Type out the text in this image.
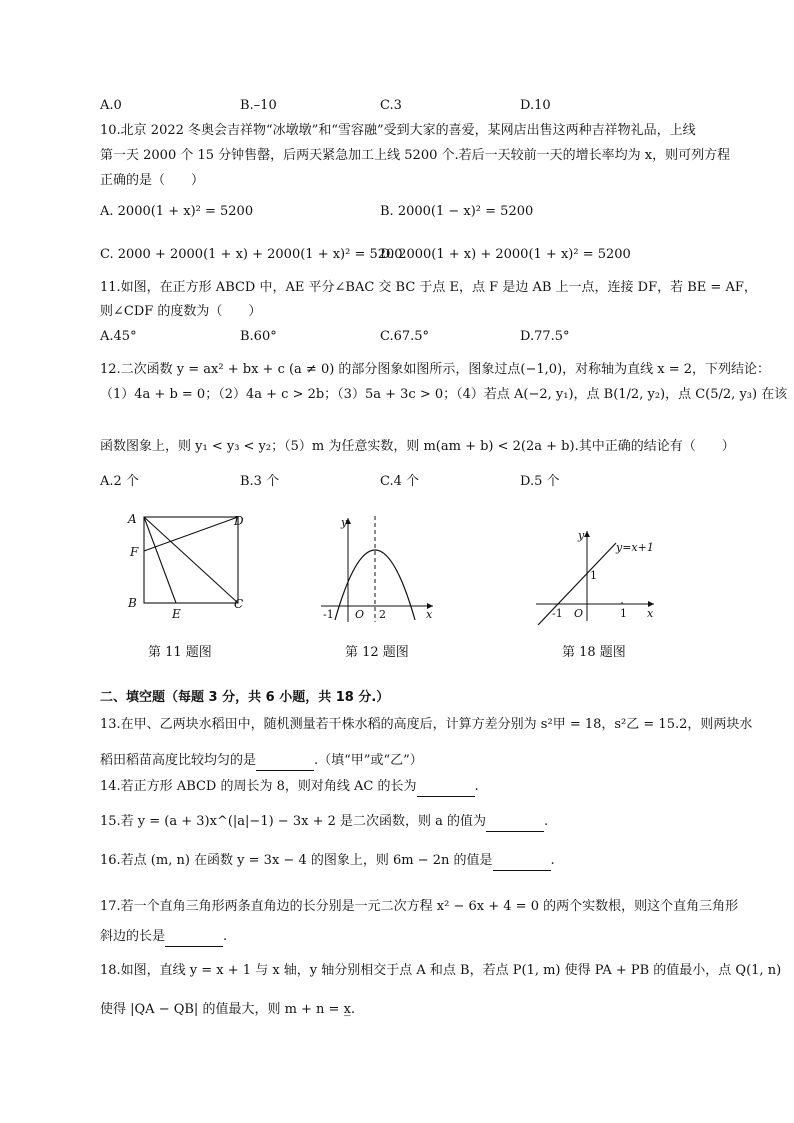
A.0	B.–10	C.3	D.10
10.北京 2022 冬奥会吉祥物“冰墩墩”和“雪容融”受到大家的喜爱，某网店出售这两种吉祥物礼品，上线
第一天 2000 个 15 分钟售罄，后两天紧急加工上线 5200 个.若后一天较前一天的增长率均为 x，则可列方程
正确的是（　　）
A. 2000(1 + x)² = 5200	B. 2000(1 − x)² = 5200
C. 2000 + 2000(1 + x) + 2000(1 + x)² = 5200
D. 2000(1 + x) + 2000(1 + x)² = 5200
11.如图，在正方形 ABCD 中，AE 平分∠BAC 交 BC 于点 E，点 F 是边 AB 上一点，连接 DF，若 BE = AF，
则∠CDF 的度数为（　　）
A.45°	B.60°	C.67.5°	D.77.5°
12.二次函数 y = ax² + bx + c (a ≠ 0) 的部分图象如图所示，图象过点(−1,0)，对称轴为直线 x = 2，下列结论：
（1）4a + b = 0；（2）4a + c > 2b；（3）5a + 3c > 0；（4）若点 A(−2, y₁)，点 B(1/2, y₂)，点 C(5/2, y₃) 在该
函数图象上，则 y₁ < y₃ < y₂；（5）m 为任意实数，则 m(am + b) < 2(2a + b).其中正确的结论有（　　）
A.2 个	B.3 个	C.4 个	D.5 个
A	D
F
B
E
C
第 11 题图
y
x
-1 O 2
第 12 题图
y
y=x+1
1
x
-1 O	1
第 18 题图
二、填空题（每题 3 分，共 6 小题，共 18 分.）
13.在甲、乙两块水稻田中，随机测量若干株水稻的高度后，计算方差分别为 s²甲 = 18，s²乙 = 15.2，则两块水
稻田稻苗高度比较均匀的是	.（填“甲”或“乙”）
14.若正方形 ABCD 的周长为 8，则对角线 AC 的长为	.
15.若 y = (a + 3)x^(|a|−1) − 3x + 2 是二次函数，则 a 的值为	.
16.若点 (m, n) 在函数 y = 3x − 4 的图象上，则 6m − 2n 的值是	.
17.若一个直角三角形两条直角边的长分别是一元二次方程 x² − 6x + 4 = 0 的两个实数根，则这个直角三角形
斜边的长是	.
18.如图，直线 y = x + 1 与 x 轴，y 轴分别相交于点 A 和点 B，若点 P(1, m) 使得 PA + PB 的值最小，点 Q(1, n)
使得 |QA − QB| 的值最大，则 m + n = x̲.
